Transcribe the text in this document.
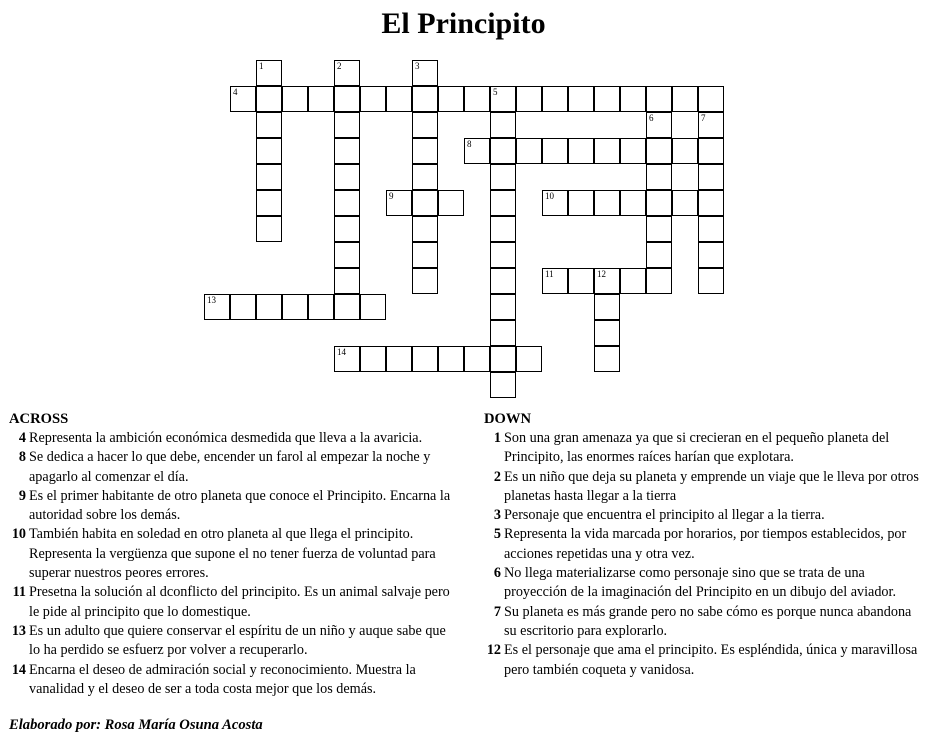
El Principito
1	2	3
4	5
6	7
8
9	10
11	12
13
14
ACROSS
4 Representa la ambición económica desmedida que lleva a la avaricia.
8 Se dedica a hacer lo que debe, encender un farol al empezar la noche y apagarlo al comenzar el día.
9 Es el primer habitante de otro planeta que conoce el Principito. Encarna la autoridad sobre los demás.
10 También habita en soledad en otro planeta al que llega el principito. Representa la vergüenza que supone el no tener fuerza de voluntad para superar nuestros peores errores.
11 Presetna la solución al dconflicto del principito. Es un animal salvaje pero le pide al principito que lo domestique.
13 Es un adulto que quiere conservar el espíritu de un niño y auque sabe que lo ha perdido se esfuerz por volver a recuperarlo.
14 Encarna el deseo de admiración social y reconocimiento. Muestra la vanalidad y el deseo de ser a toda costa mejor que los demás.
DOWN
1 Son una gran amenaza ya que si crecieran en el pequeño planeta del Principito, las enormes raíces harían que explotara.
2 Es un niño que deja su planeta y emprende un viaje que le lleva por otros planetas hasta llegar a la tierra
3 Personaje que encuentra el principito al llegar a la tierra.
5 Representa la vida marcada por horarios, por tiempos establecidos, por acciones repetidas una y otra vez.
6 No llega materializarse como personaje sino que se trata de una proyección de la imaginación del Principito en un dibujo del aviador.
7 Su planeta es más grande pero no sabe cómo es porque nunca abandona su escritorio para explorarlo.
12 Es el personaje que ama el principito. Es espléndida, única y maravillosa pero también coqueta y vanidosa.
Elaborado por: Rosa María Osuna Acosta
